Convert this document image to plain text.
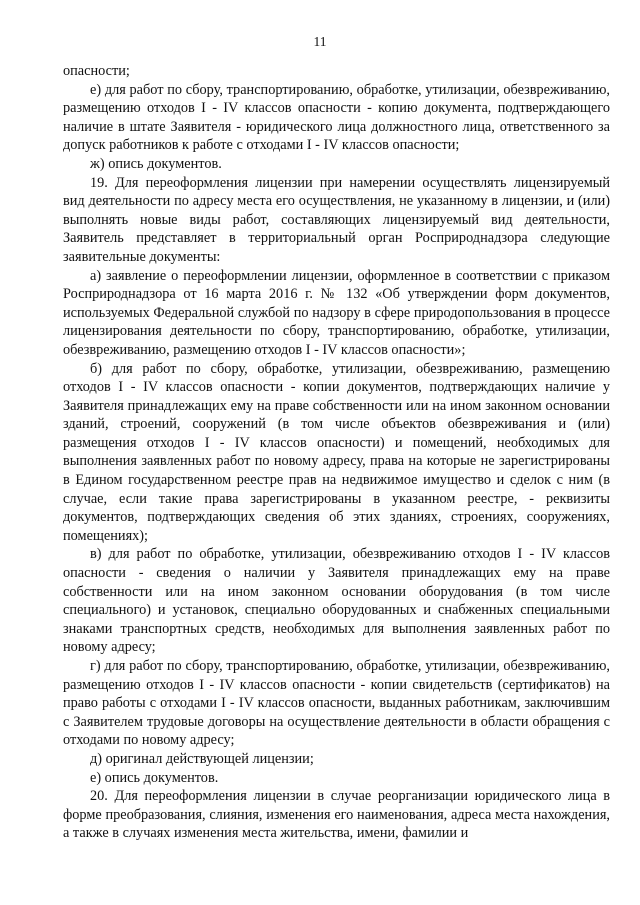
11

опасности;

е) для работ по сбору, транспортированию, обработке, утилизации, обезвреживанию, размещению отходов I - IV классов опасности - копию документа, подтверждающего наличие в штате Заявителя - юридического лица должностного лица, ответственного за допуск работников к работе с отходами I - IV классов опасности;

ж) опись документов.

19. Для переоформления лицензии при намерении осуществлять лицензируемый вид деятельности по адресу места его осуществления, не указанному в лицензии, и (или) выполнять новые виды работ, составляющих лицензируемый вид деятельности, Заявитель представляет в территориальный орган Росприроднадзора следующие заявительные документы:

а) заявление о переоформлении лицензии, оформленное в соответствии с приказом Росприроднадзора от 16 марта 2016 г. № 132 «Об утверждении форм документов, используемых Федеральной службой по надзору в сфере природопользования в процессе лицензирования деятельности по сбору, транспортированию, обработке, утилизации, обезвреживанию, размещению отходов I - IV классов опасности»;

б) для работ по сбору, обработке, утилизации, обезвреживанию, размещению отходов I - IV классов опасности - копии документов, подтверждающих наличие у Заявителя принадлежащих ему на праве собственности или на ином законном основании зданий, строений, сооружений (в том числе объектов обезвреживания и (или) размещения отходов I - IV классов опасности) и помещений, необходимых для выполнения заявленных работ по новому адресу, права на которые не зарегистрированы в Едином государственном реестре прав на недвижимое имущество и сделок с ним (в случае, если такие права зарегистрированы в указанном реестре, - реквизиты документов, подтверждающих сведения об этих зданиях, строениях, сооружениях, помещениях);

в) для работ по обработке, утилизации, обезвреживанию отходов I - IV классов опасности - сведения о наличии у Заявителя принадлежащих ему на праве собственности или на ином законном основании оборудования (в том числе специального) и установок, специально оборудованных и снабженных специальными знаками транспортных средств, необходимых для выполнения заявленных работ по новому адресу;

г) для работ по сбору, транспортированию, обработке, утилизации, обезвреживанию, размещению отходов I - IV классов опасности - копии свидетельств (сертификатов) на право работы с отходами I - IV классов опасности, выданных работникам, заключившим с Заявителем трудовые договоры на осуществление деятельности в области обращения с отходами по новому адресу;

д) оригинал действующей лицензии;

е) опись документов.

20. Для переоформления лицензии в случае реорганизации юридического лица в форме преобразования, слияния, изменения его наименования, адреса места нахождения, а также в случаях изменения места жительства, имени, фамилии и
